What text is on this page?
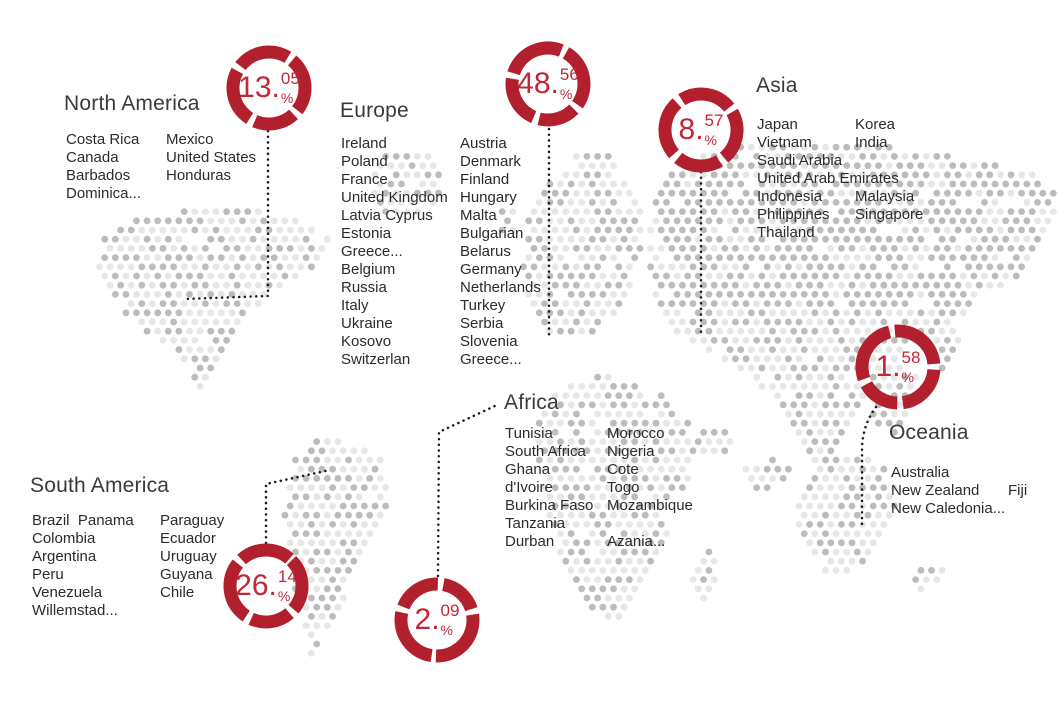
North America
Costa Rica
Canada
Barbados
Dominica...
Mexico
United States
Honduras
Europe
Ireland
Poland
France
United Kingdom
Latvia Cyprus
Estonia
Greece...
Belgium
Russia
Italy
Ukraine
Kosovo
Switzerlan
Austria
Denmark
Finland
Hungary
Malta
Bulgarian
Belarus
Germany
Netherlands
Turkey
Serbia
Slovenia
Greece...
Asia
Japan
Vietnam
Saudi Arabia
United Arab Emirates
Indonesia
Philippines
Thailand
Korea
India
Malaysia
Singapore
Africa
Tunisia
South Africa
Ghana
d'Ivoire
Burkina Faso
Tanzania
Durban
Morocco
Nigeria
Cote
Togo
Mozambique
Azania...
South America
Brazil  Panama
Colombia
Argentina
Peru
Venezuela
Willemstad...
Paraguay
Ecuador
Uruguay
Guyana
Chile
Oceania
Australia
New Zealand
New Caledonia...
Fiji
13. 05
%	48. 56
%
8. 57
%
1. 58
%
26. 14
%
2. 09
%
